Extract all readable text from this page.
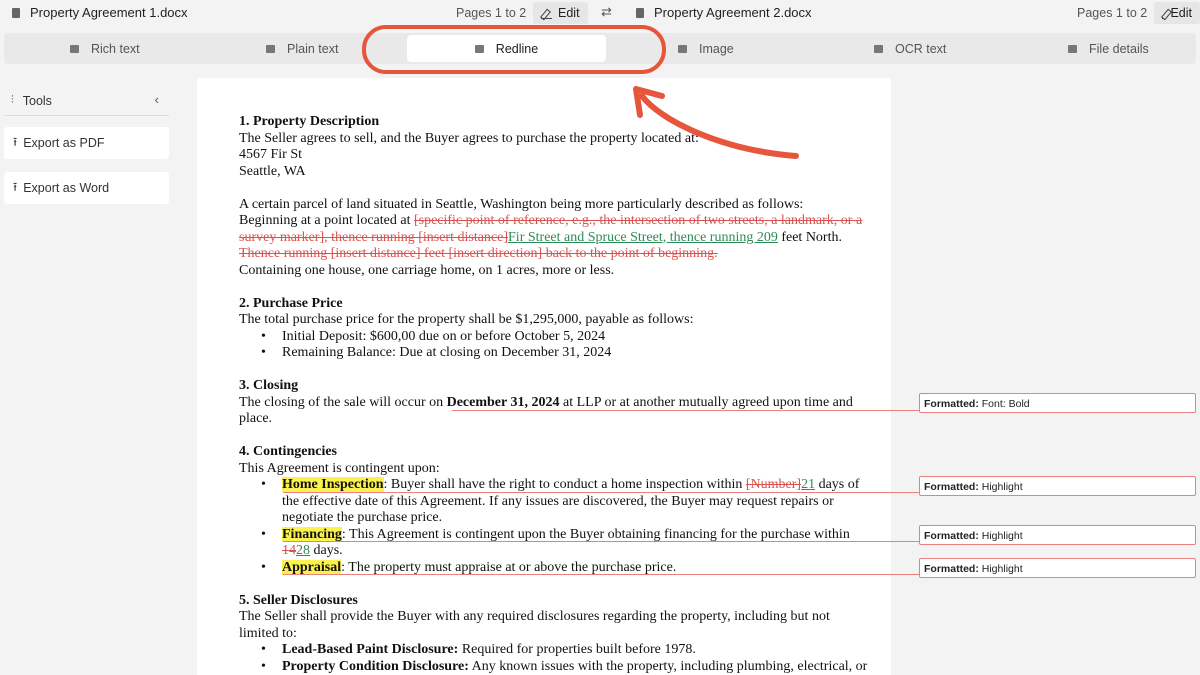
Property Agreement 1.docx	Pages 1 to 2	Edit ⇄	Property Agreement 2.docx	Pages 1 to 2 Edit
Rich text	Plain text	Redline	Image	OCR text	File details
⫶ Tools	‹
⭱ Export as PDF
⭱ Export as Word

1. Property Description

The Seller agrees to sell, and the Buyer agrees to purchase the property located at:

4567 Fir St

Seattle, WA

A certain parcel of land situated in Seattle, Washington being more particularly described as follows:

Beginning at a point located at [specific point of reference, e.g., the intersection of two streets, a landmark, or a

survey marker], thence running [insert distance]Fir Street and Spruce Street, thence running 209 feet North.

Thence running [insert distance] feet [insert direction] back to the point of beginning.

Containing one house, one carriage home, on 1 acres, more or less.

2. Purchase Price

The total purchase price for the property shall be $1,295,000, payable as follows:

• Initial Deposit: $600,00 due on or before October 5, 2024

• Remaining Balance: Due at closing on December 31, 2024

3. Closing

The closing of the sale will occur on December 31, 2024 at LLP or at another mutually agreed upon time and

place.

4. Contingencies

This Agreement is contingent upon:

• Home Inspection: Buyer shall have the right to conduct a home inspection within [Number]21 days of

the effective date of this Agreement. If any issues are discovered, the Buyer may request repairs or

negotiate the purchase price.

• Financing: This Agreement is contingent upon the Buyer obtaining financing for the purchase within

1428 days.

• Appraisal: The property must appraise at or above the purchase price.

5. Seller Disclosures

The Seller shall provide the Buyer with any required disclosures regarding the property, including but not

limited to:

• Lead-Based Paint Disclosure: Required for properties built before 1978.

• Property Condition Disclosure: Any known issues with the property, including plumbing, electrical, or

Formatted: Font: Bold
Formatted: Highlight
Formatted: Highlight
Formatted: Highlight
